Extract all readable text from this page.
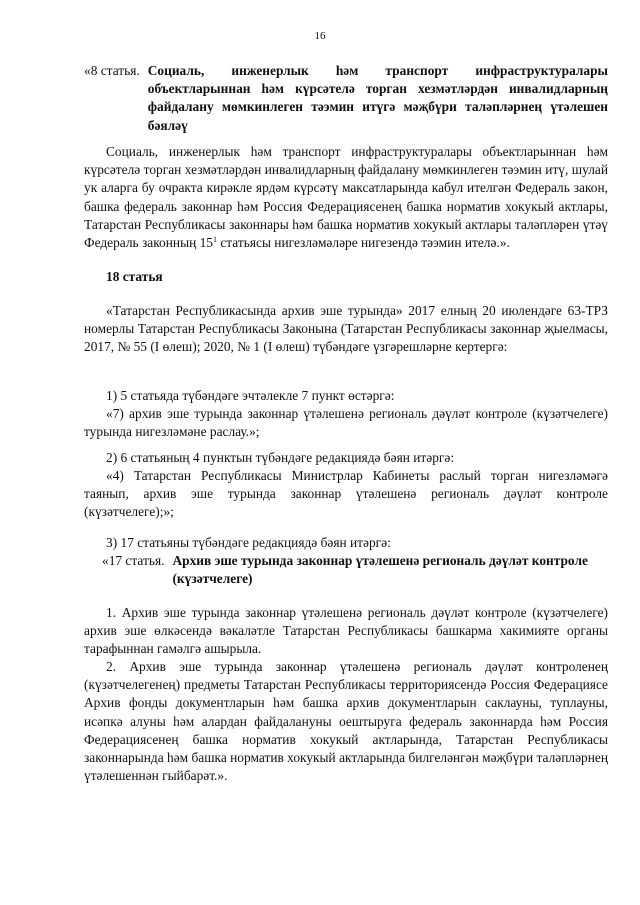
16
«8 статья. Социаль, инженерлык һәм транспорт инфраструктуралары объектларыннан һәм күрсәтелә торган хезмәтләрдән инвалидларның файдалану мөмкинлеген тәэмин итүгә мәҗбүри таләпләрнең үтәлешен бәяләү

Социаль, инженерлык һәм транспорт инфраструктуралары объектларыннан һәм күрсәтелә торган хезмәтләрдән инвалидларның файдалану мөмкинлеген тәэмин итү, шулай ук аларга бу очракта кирәкле ярдәм күрсәтү максатларында кабул ителгән Федераль закон, башка федераль законнар һәм Россия Федерациясенең башка норматив хокукый актлары, Татарстан Республикасы законнары һәм башка норматив хокукый актлары таләпләрен үтәү Федераль законның $15^1$ статьясы нигезләмәләре нигезендә тәэмин ителә.».

18 статья

«Татарстан Республикасында архив эше турында» 2017 елның 20 июлендәге 63-ТРЗ номерлы Татарстан Республикасы Законына (Татарстан Республикасы законнар җыелмасы, 2017, № 55 (I өлеш); 2020, № 1 (I өлеш) түбәндәге үзгәрешләрне кертергә:

1) 5 статьяда түбәндәге эчтәлекле 7 пункт өстәргә:

«7) архив эше турында законнар үтәлешенә региональ дәүләт контроле (күзәтчелеге) турында нигезләмәне раслау.»;

2) 6 статьяның 4 пунктын түбәндәге редакциядә бәян итәргә:

«4) Татарстан Республикасы Министрлар Кабинеты раслый торган нигезләмәгә таянып, архив эше турында законнар үтәлешенә региональ дәүләт контроле (күзәтчелеге);»;

3) 17 статьяны түбәндәге редакциядә бәян итәргә:

«17 статья. Архив эше турында законнар үтәлешенә региональ дәүләт контроле (күзәтчелеге)

1. Архив эше турында законнар үтәлешенә региональ дәүләт контроле (күзәтчелеге) архив эше өлкәсендә вәкаләтле Татарстан Республикасы башкарма хакимияте органы тарафыннан гамәлгә ашырыла.

2. Архив эше турында законнар үтәлешенә региональ дәүләт контроленең (күзәтчелегенең) предметы Татарстан Республикасы территориясендә Россия Федерациясе Архив фонды документларын һәм башка архив документларын саклауны, туплауны, исәпкә алуны һәм алардан файдалануны оештыруга федераль законнарда һәм Россия Федерациясенең башка норматив хокукый актларында, Татарстан Республикасы законнарында һәм башка норматив хокукый актларында билгеләнгән мәҗбүри таләпләрнең үтәлешеннән гыйбарәт.».
